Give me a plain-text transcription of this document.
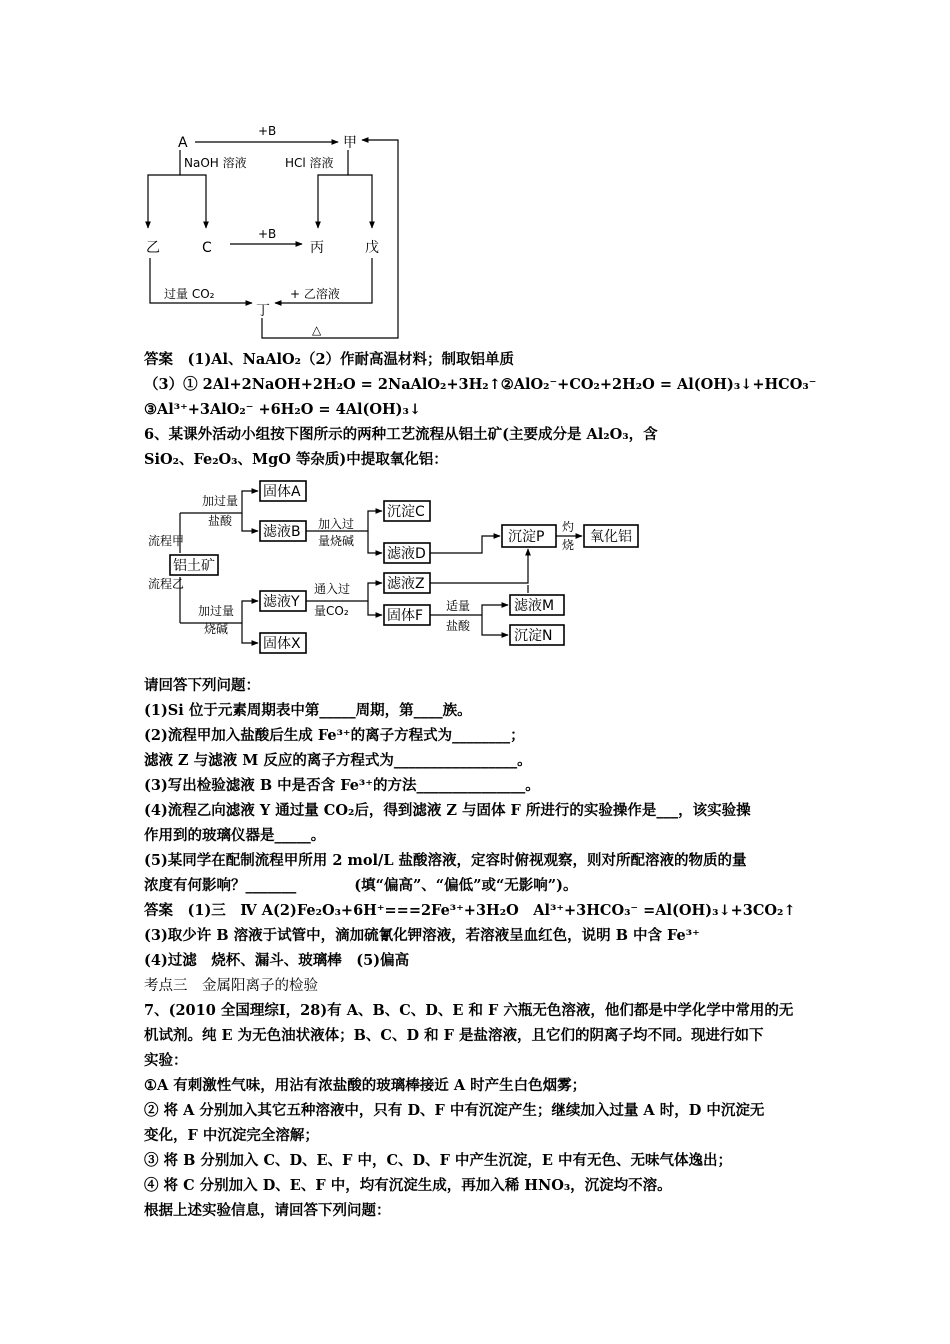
A	甲
乙	C	丙	戊
丁
+B
NaOH 溶液	HCl 溶液
+B
过量 CO₂	+ 乙溶液
△
答案　(1)Al、NaAlO₂（2）作耐高温材料；制取铝单质
（3）① 2Al+2NaOH+2H₂O = 2NaAlO₂+3H₂↑②AlO₂⁻+CO₂+2H₂O = Al(OH)₃↓+HCO₃⁻
③Al³⁺+3AlO₂⁻ +6H₂O = 4Al(OH)₃↓
6、某课外活动小组按下图所示的两种工艺流程从铝土矿(主要成分是 Al₂O₃，含
SiO₂、Fe₂O₃、MgO 等杂质)中提取氧化铝：
流程甲
流程乙
铝土矿
加过量
盐酸
固体A
滤液B 加入过
量烧碱
沉淀C
滤液D
沉淀P
灼
烧 氧化铝
加过量
烧碱
滤液Y
固体X
通入过
量CO₂
滤液Z
固体F
适量
盐酸
滤液M
沉淀N
请回答下列问题：
(1)Si 位于元素周期表中第_____周期，第____族。
(2)流程甲加入盐酸后生成 Fe³⁺的离子方程式为________；
滤液 Z 与滤液 M 反应的离子方程式为_________________。
(3)写出检验滤液 B 中是否含 Fe³⁺的方法_______________。
(4)流程乙向滤液 Y 通过量 CO₂后，得到滤液 Z 与固体 F 所进行的实验操作是___，该实验操
作用到的玻璃仪器是_____。
(5)某同学在配制流程甲所用 2 mol/L 盐酸溶液，定容时俯视观察，则对所配溶液的物质的量
浓度有何影响？_______　　　　(填“偏高”、“偏低”或“无影响”)。
答案　(1)三　Ⅳ A(2)Fe₂O₃+6H⁺===2Fe³⁺+3H₂O　Al³⁺+3HCO₃⁻ =Al(OH)₃↓+3CO₂↑
(3)取少许 B 溶液于试管中，滴加硫氰化钾溶液，若溶液呈血红色，说明 B 中含 Fe³⁺
(4)过滤　烧杯、漏斗、玻璃棒　(5)偏高
考点三　金属阳离子的检验
7、(2010 全国理综Ⅰ，28)有 A、B、C、D、E 和 F 六瓶无色溶液，他们都是中学化学中常用的无
机试剂。纯 E 为无色油状液体；B、C、D 和 F 是盐溶液，且它们的阴离子均不同。现进行如下
实验：
①A 有刺激性气味，用沾有浓盐酸的玻璃棒接近 A 时产生白色烟雾；
② 将 A 分别加入其它五种溶液中，只有 D、F 中有沉淀产生；继续加入过量 A 时，D 中沉淀无
变化，F 中沉淀完全溶解；
③ 将 B 分别加入 C、D、E、F 中，C、D、F 中产生沉淀，E 中有无色、无味气体逸出；
④ 将 C 分别加入 D、E、F 中，均有沉淀生成，再加入稀 HNO₃，沉淀均不溶。
根据上述实验信息，请回答下列问题：
